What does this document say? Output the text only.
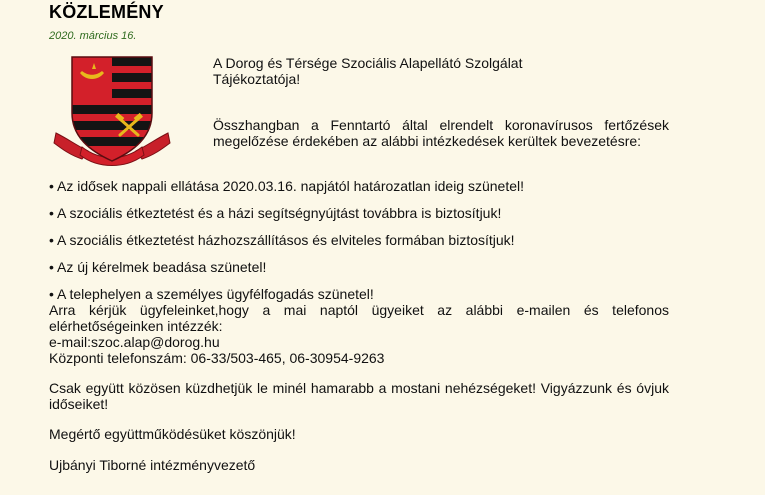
KÖZLEMÉNY
2020. március 16.
A Dorog és Térsége Szociális Alapellátó Szolgálat
Tájékoztatója!
Összhangban a Fenntartó által elrendelt koronavírusos fertőzések megelőzése érdekében az alábbi intézkedések kerültek bevezetésre:

• Az idősek nappali ellátása 2020.03.16. napjától határozatlan ideig szünetel!

• A szociális étkeztetést és a házi segítségnyújtást továbbra is biztosítjuk!

• A szociális étkeztetést házhozszállításos és elviteles formában biztosítjuk!

• Az új kérelmek beadása szünetel!

• A telephelyen a személyes ügyfélfogadás szünetel!

Arra kérjük ügyfeleinket,hogy a mai naptól ügyeiket az alábbi e-mailen és telefonos elérhetőségeinken intézzék:

e-mail:szoc.alap@dorog.hu

Központi telefonszám: 06-33/503-465, 06-30954-9263

Csak együtt közösen küzdhetjük le minél hamarabb a mostani nehézségeket! Vigyázzunk és óvjuk idős​eiket!

Megértő együttműködésüket köszönjük!

Ujbányi Tiborné intézményvezető
